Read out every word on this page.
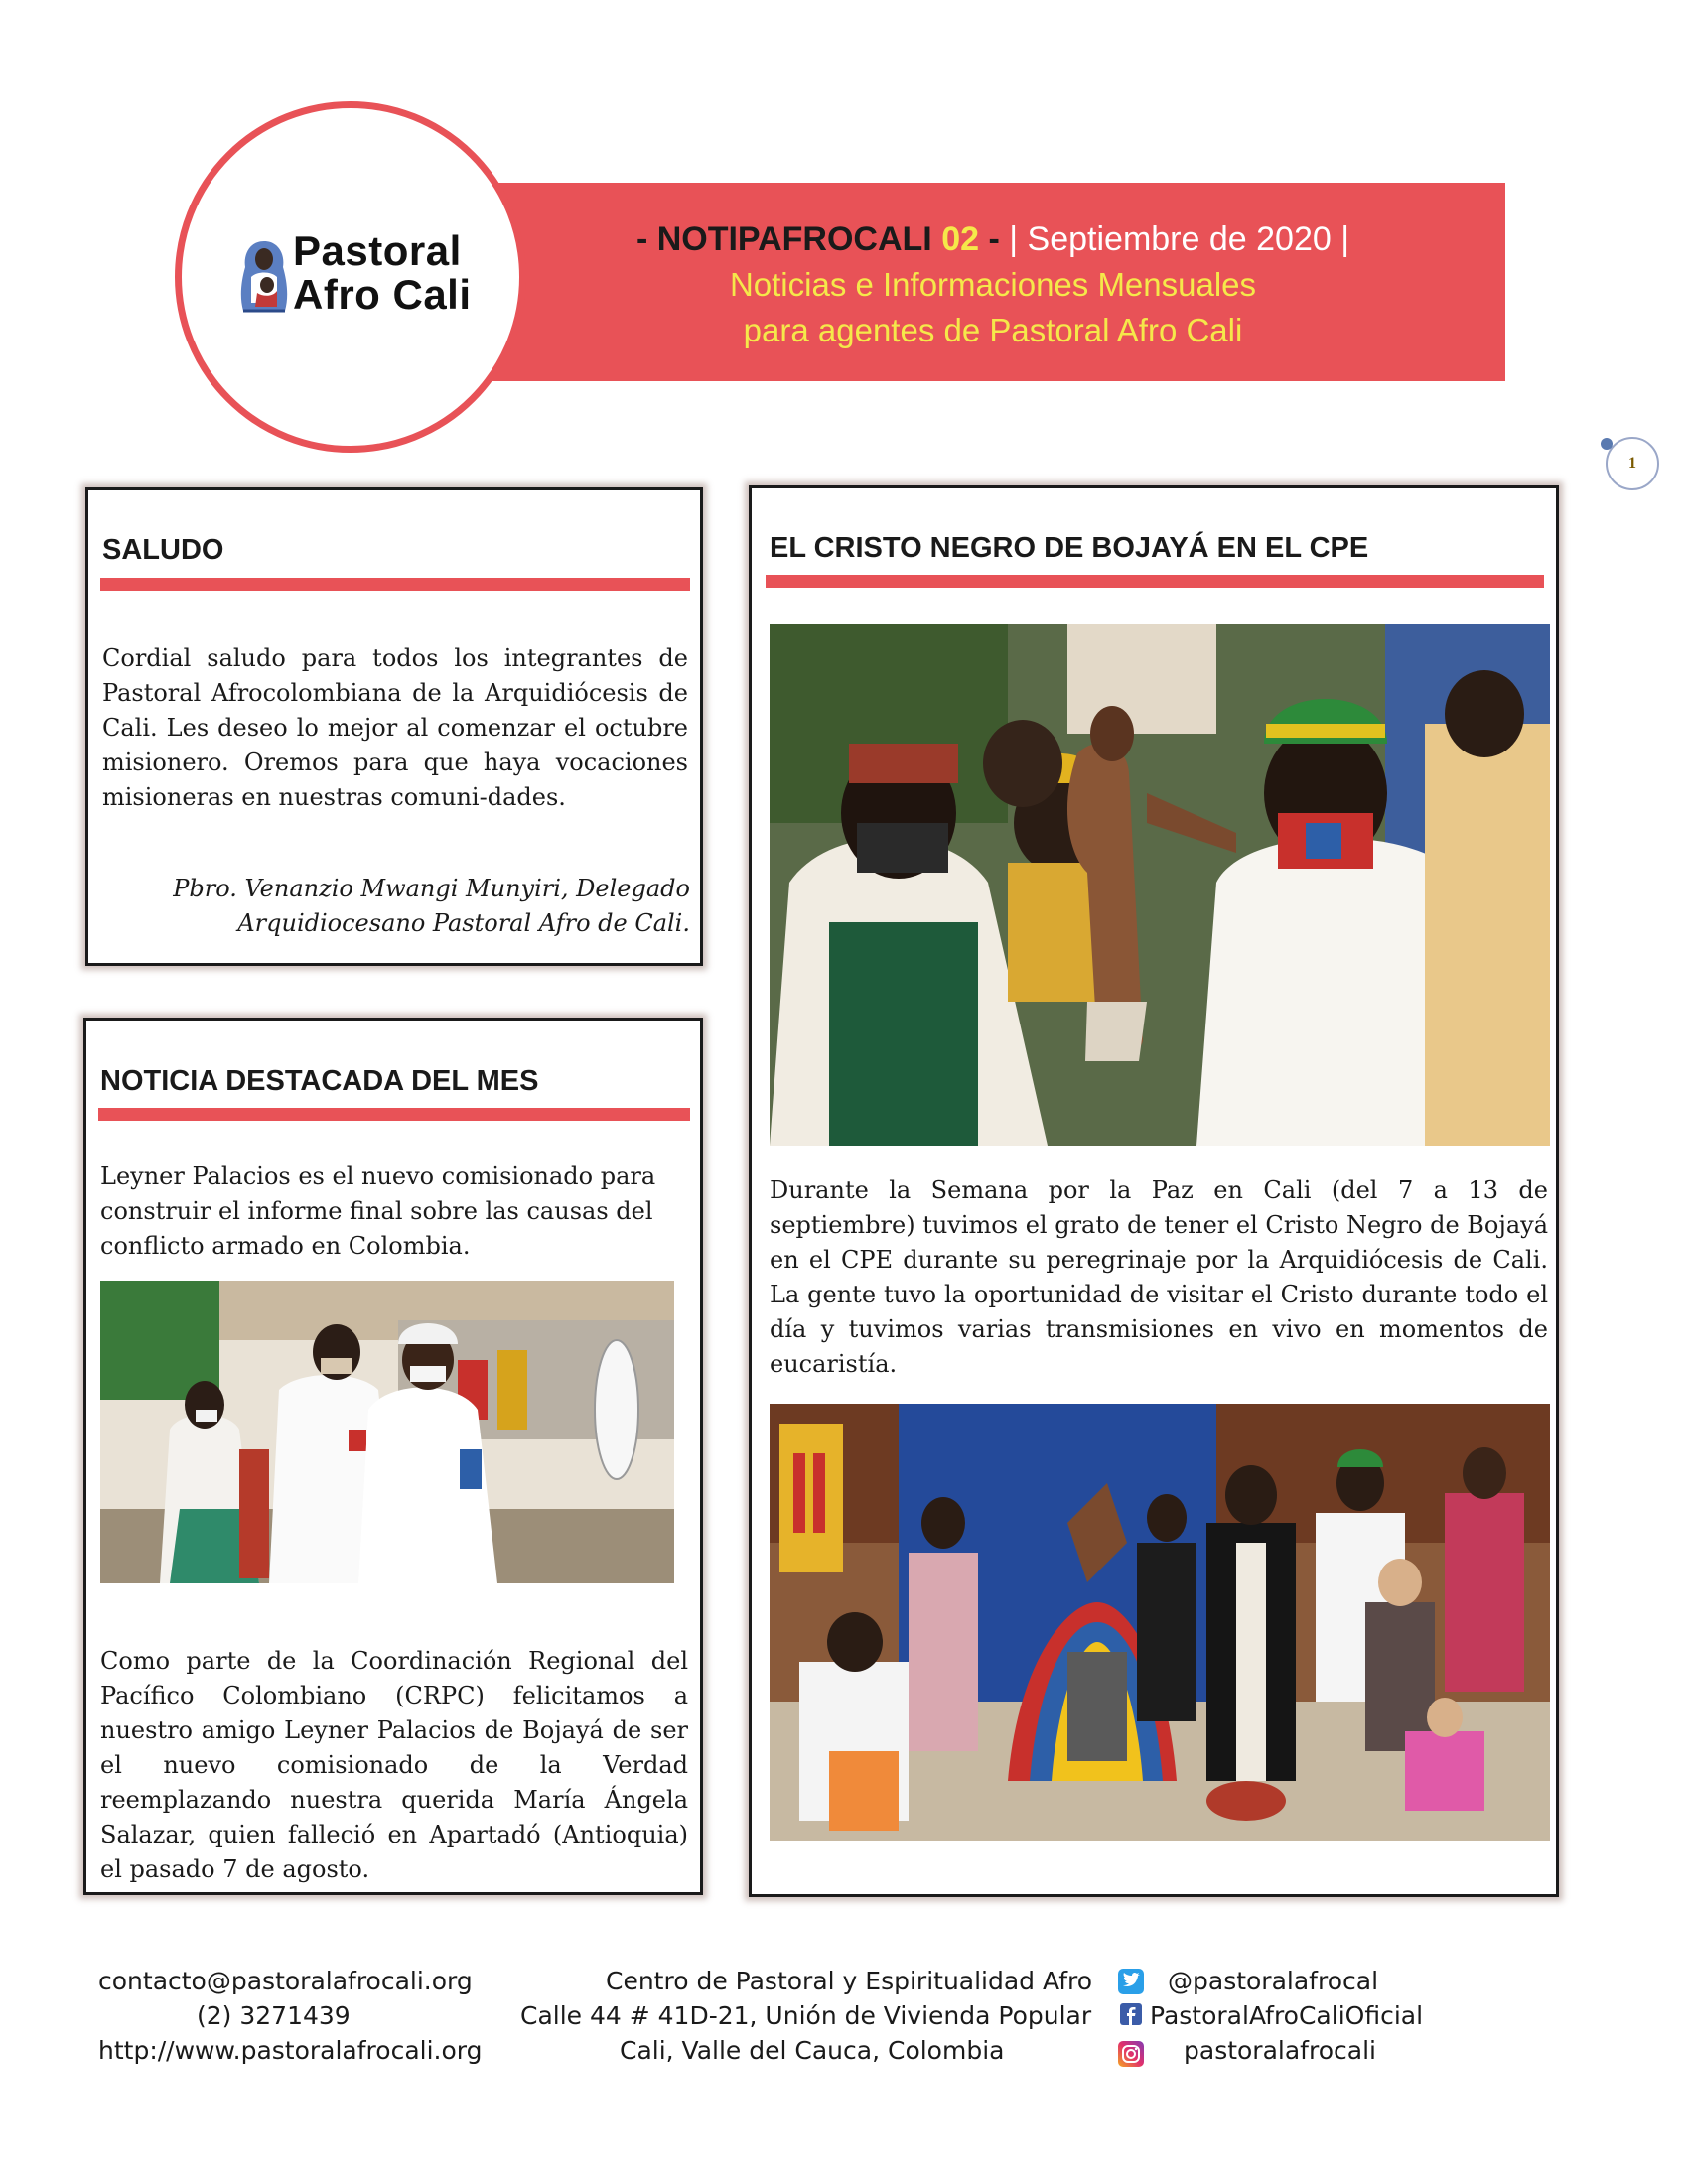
- NOTIPAFROCALI 02 - | Septiembre de 2020 |
Noticias e Informaciones Mensuales
para agentes de Pastoral Afro Cali
Pastoral
Afro Cali
1
SALUDO
Cordial saludo para todos los integrantes de Pastoral Afrocolombiana de la Arquidiócesis de Cali. Les deseo lo mejor al comenzar el octubre misionero. Oremos para que haya vocaciones misioneras en nuestras comuni-dades.
Pbro. Venanzio Mwangi Munyiri, Delegado Arquidiocesano Pastoral Afro de Cali.
NOTICIA DESTACADA DEL MES
Leyner Palacios es el nuevo comisionado para construir el informe final sobre las causas del conflicto armado en Colombia.
Como parte de la Coordinación Regional del Pacífico Colombiano (CRPC) felicitamos a nuestro amigo Leyner Palacios de Bojayá de ser el nuevo comisionado de la Verdad reemplazando nuestra querida María Ángela Salazar, quien falleció en Apartadó (Antioquia) el pasado 7 de agosto.
EL CRISTO NEGRO DE BOJAYÁ EN EL CPE
Durante la Semana por la Paz en Cali (del 7 a 13 de septiembre) tuvimos el grato de tener el Cristo Negro de Bojayá en el CPE durante su peregrinaje por la Arquidiócesis de Cali. La gente tuvo la oportunidad de visitar el Cristo durante todo el día y tuvimos varias transmisiones en vivo en momentos de eucaristía.
contacto@pastoralafrocali.org
(2) 3271439
http://www.pastoralafrocali.org
Centro de Pastoral y Espiritualidad Afro
Calle 44 # 41D-21, Unión de Vivienda Popular
Cali, Valle del Cauca, Colombia
@pastoralafrocal
PastoralAfroCaliOficial
pastoralafrocali
